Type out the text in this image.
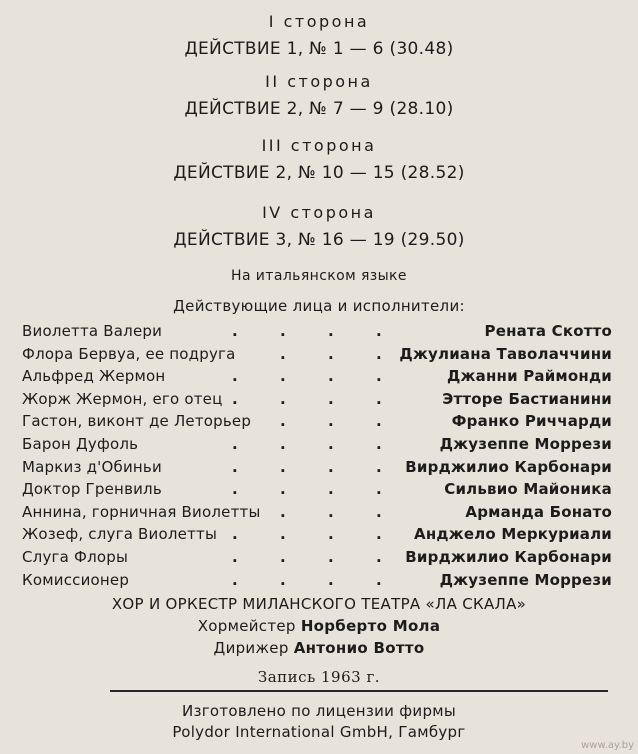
I сторона
ДЕЙСТВИЕ 1, № 1 — 6 (30.48)
II сторона
ДЕЙСТВИЕ 2, № 7 — 9 (28.10)
III сторона
ДЕЙСТВИЕ 2, № 10 — 15 (28.52)
IV сторона
ДЕЙСТВИЕ 3, № 16 — 19 (29.50)
На итальянском языке
Действующие лица и исполнители:
Виолетта Валери	.	.	.	.	Рената Скотто
Флора Бервуа, ее подруга	.	.	. Джулиана Таволаччини
Альфред Жермон	.	.	.	.	Джанни Раймонди
Жорж Жермон, его отец .	.	.	.	Этторе Бастианини
Гастон, виконт де Леторьер .	.	.	Франко Риччарди
Барон Дуфоль	.	.	.	.	Джузеппе Моррези
Маркиз д'Обиньи	.	.	.	. Вирджилио Карбонари
Доктор Гренвиль	.	.	.	.	Сильвио Майоника
Аннина, горничная Виолетты .	.	.	Арманда Бонато
Жозеф, слуга Виолетты .	.	.	. Анджело Меркуриали
Слуга Флоры	.	.	.	. Вирджилио Карбонари
Комиссионер	.	.	.	.	Джузеппе Моррези
ХОР И ОРКЕСТР МИЛАНСКОГО ТЕАТРА «ЛА СКАЛА»
Хормейстер Норберто Мола
Дирижер Антонио Вотто
Запись 1963 г.
Изготовлено по лицензии фирмы
Polydor International GmbH, Гамбург
www.ay.by
